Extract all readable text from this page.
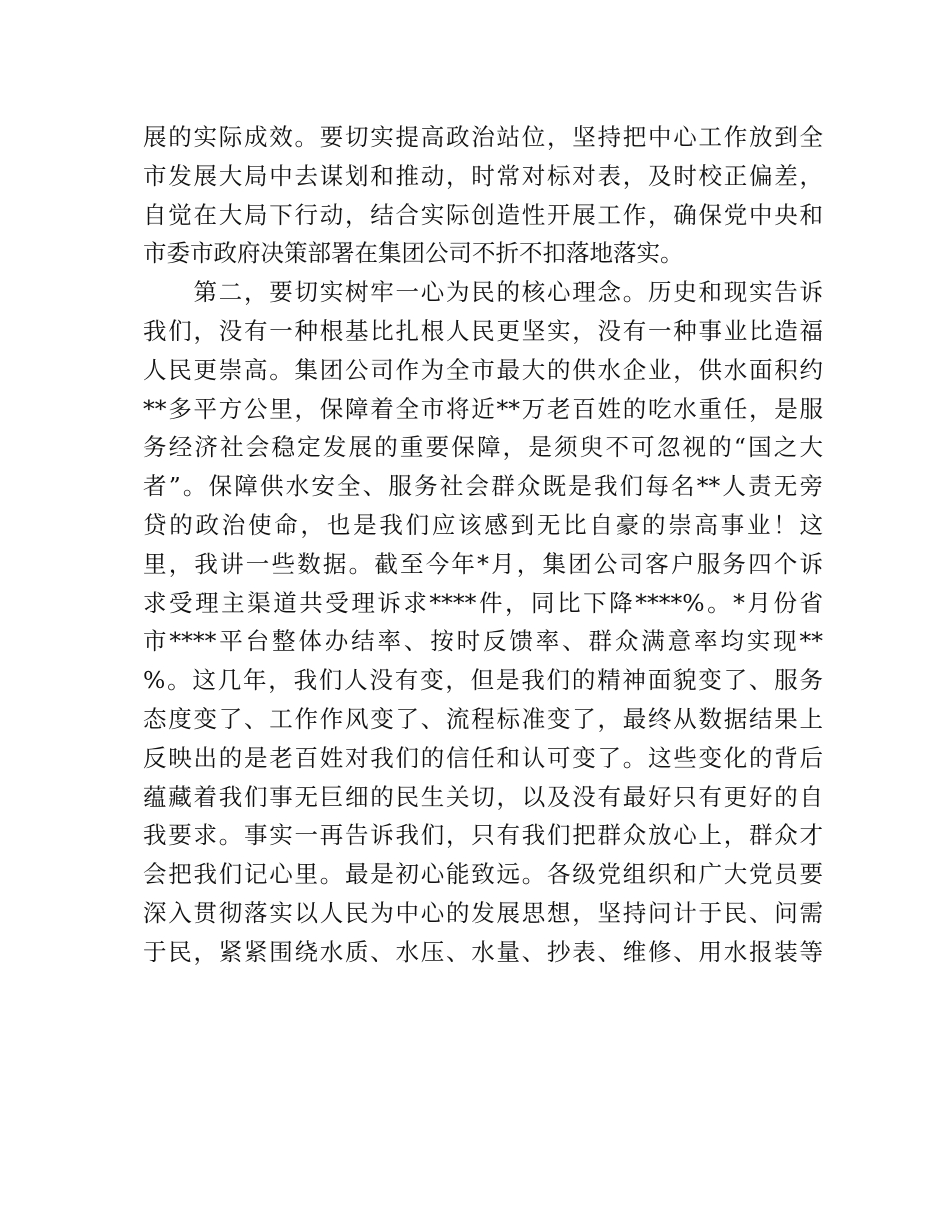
展的实际成效。要切实提高政治站位，坚持把中心工作放到全
市发展大局中去谋划和推动，时常对标对表，及时校正偏差，
自觉在大局下行动，结合实际创造性开展工作，确保党中央和
市委市政府决策部署在集团公司不折不扣落地落实。
　　第二，要切实树牢一心为民的核心理念。历史和现实告诉
我们，没有一种根基比扎根人民更坚实，没有一种事业比造福
人民更崇高。集团公司作为全市最大的供水企业，供水面积约
**多平方公里，保障着全市将近**万老百姓的吃水重任，是服
务经济社会稳定发展的重要保障，是须臾不可忽视的“国之大
者”。保障供水安全、服务社会群众既是我们每名**人责无旁
贷的政治使命，也是我们应该感到无比自豪的崇高事业！这
里，我讲一些数据。截至今年*月，集团公司客户服务四个诉
求受理主渠道共受理诉求****件，同比下降****%。*月份省
市****平台整体办结率、按时反馈率、群众满意率均实现**
%。这几年，我们人没有变，但是我们的精神面貌变了、服务
态度变了、工作作风变了、流程标准变了，最终从数据结果上
反映出的是老百姓对我们的信任和认可变了。这些变化的背后
蕴藏着我们事无巨细的民生关切，以及没有最好只有更好的自
我要求。事实一再告诉我们，只有我们把群众放心上，群众才
会把我们记心里。最是初心能致远。各级党组织和广大党员要
深入贯彻落实以人民为中心的发展思想，坚持问计于民、问需
于民，紧紧围绕水质、水压、水量、抄表、维修、用水报装等
